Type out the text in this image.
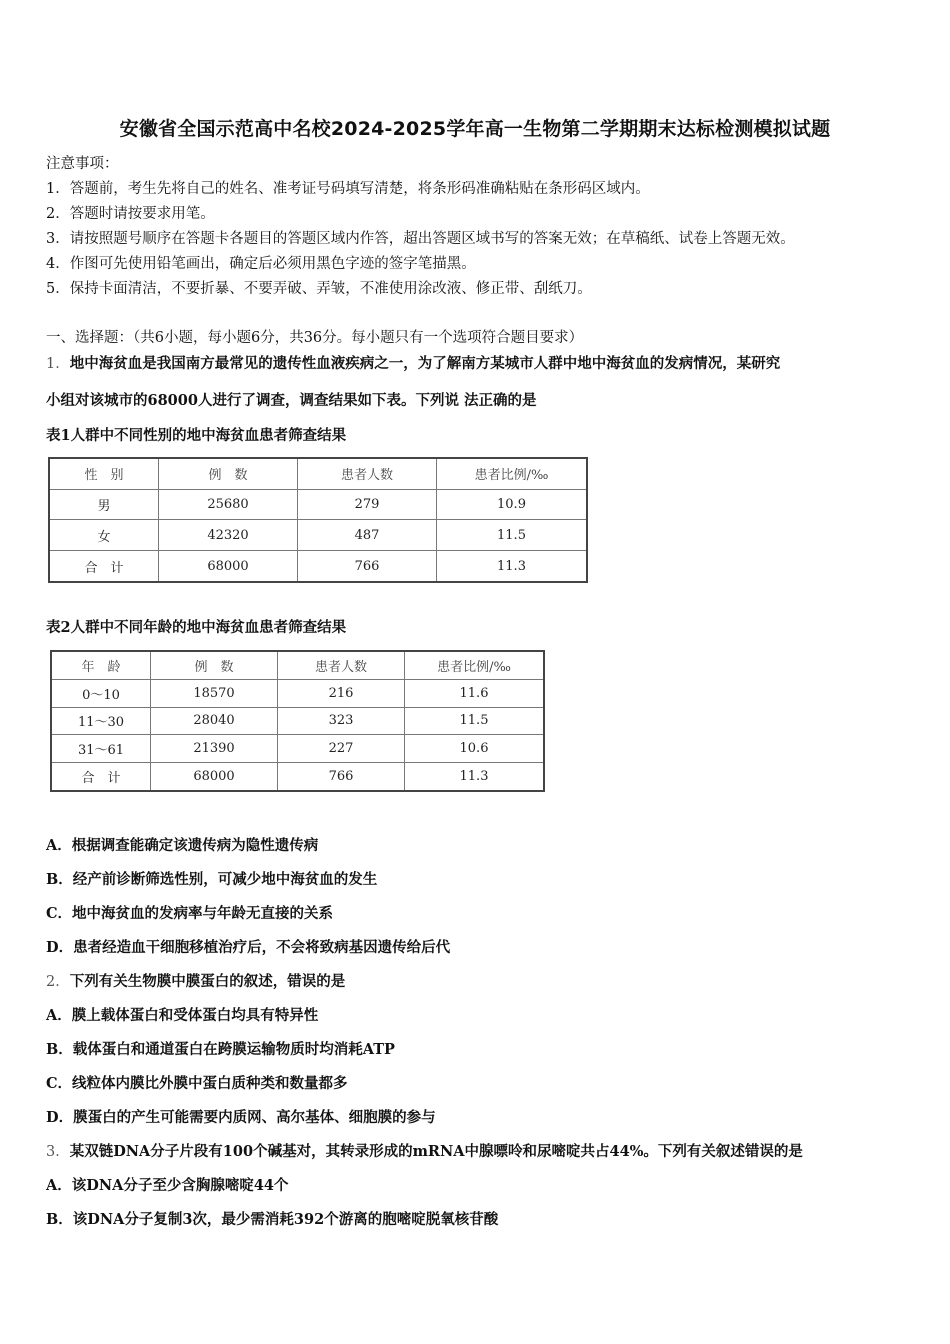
安徽省全国示范高中名校2024-2025学年高一生物第二学期期末达标检测模拟试题
注意事项：
1．答题前，考生先将自己的姓名、准考证号码填写清楚，将条形码准确粘贴在条形码区域内。
2．答题时请按要求用笔。
3．请按照题号顺序在答题卡各题目的答题区域内作答，超出答题区域书写的答案无效；在草稿纸、试卷上答题无效。
4．作图可先使用铅笔画出，确定后必须用黑色字迹的签字笔描黑。
5．保持卡面清洁，不要折暴、不要弄破、弄皱，不准使用涂改液、修正带、刮纸刀。
一、选择题：（共6小题，每小题6分，共36分。每小题只有一个选项符合题目要求）
1．地中海贫血是我国南方最常见的遗传性血液疾病之一，为了解南方某城市人群中地中海贫血的发病情况，某研究
小组对该城市的68000人进行了调查，调查结果如下表。下列说 法正确的是
表1人群中不同性别的地中海贫血患者筛查结果
性　别	例　数	患者人数	患者比例/‰
男	25680	279	10.9
女	42320	487	11.5
合　计	68000	766	11.3
表2人群中不同年龄的地中海贫血患者筛查结果
年　龄	例　数	患者人数	患者比例/‰
0～10	18570	216	11.6
11～30	28040	323	11.5
31～61	21390	227	10.6
合　计	68000	766	11.3
A．根据调查能确定该遗传病为隐性遗传病
B．经产前诊断筛选性别，可减少地中海贫血的发生
C．地中海贫血的发病率与年龄无直接的关系
D．患者经造血干细胞移植治疗后，不会将致病基因遗传给后代
2．下列有关生物膜中膜蛋白的叙述，错误的是
A．膜上载体蛋白和受体蛋白均具有特异性
B．载体蛋白和通道蛋白在跨膜运输物质时均消耗ATP
C．线粒体内膜比外膜中蛋白质种类和数量都多
D．膜蛋白的产生可能需要内质网、高尔基体、细胞膜的参与
3．某双链DNA分子片段有100个碱基对，其转录形成的mRNA中腺嘌呤和尿嘧啶共占44%。下列有关叙述错误的是
A．该DNA分子至少含胸腺嘧啶44个
B．该DNA分子复制3次，最少需消耗392个游离的胞嘧啶脱氧核苷酸
